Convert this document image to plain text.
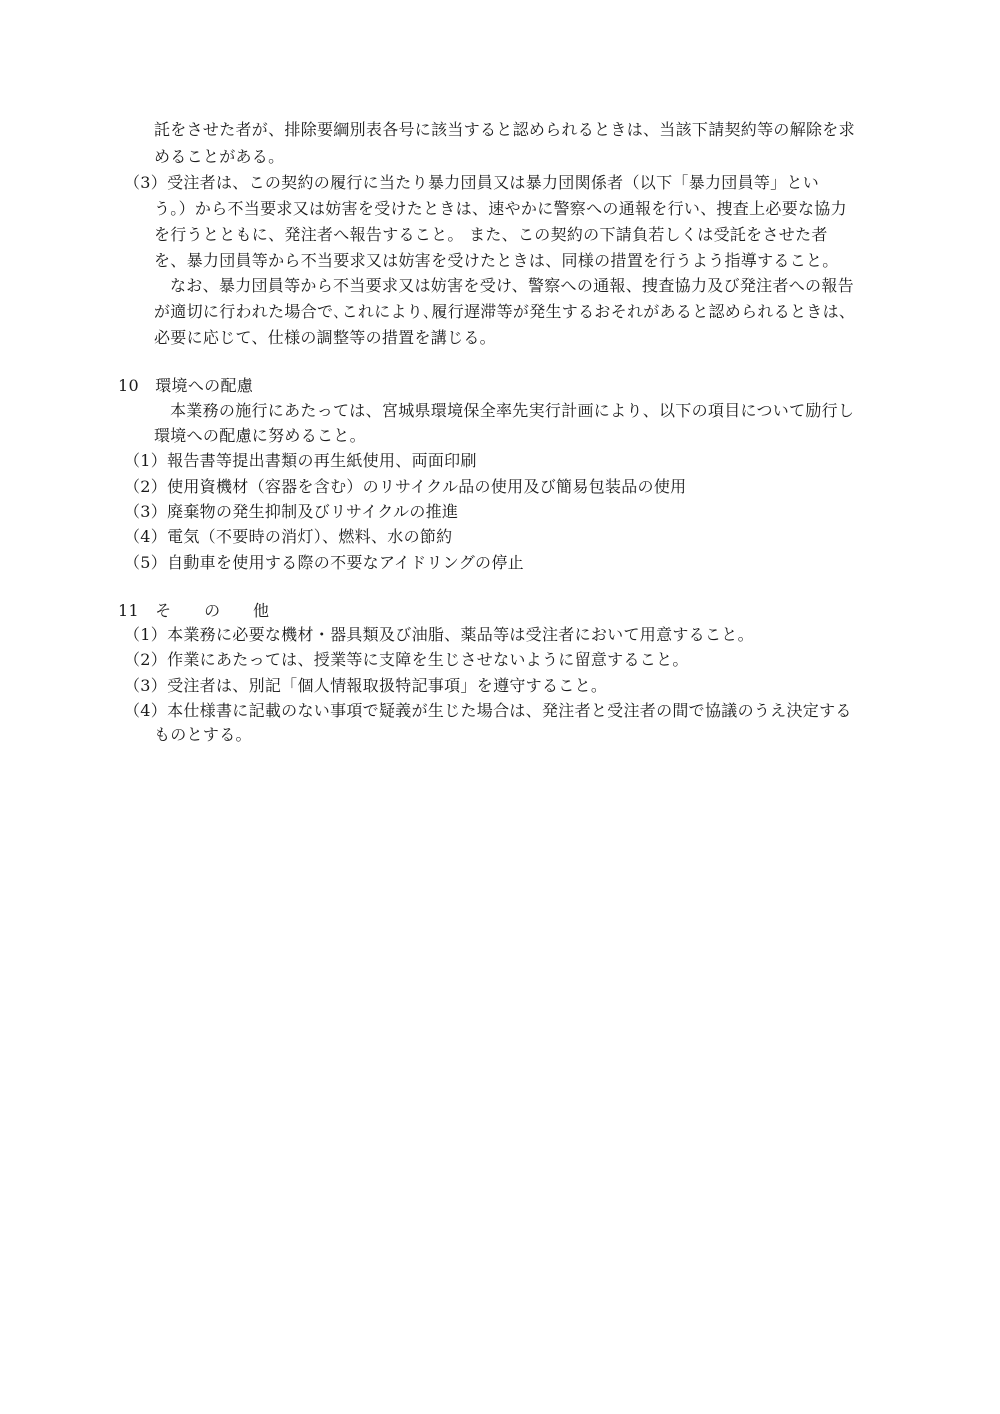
託をさせた者が、排除要綱別表各号に該当すると認められるときは、当該下請契約等の解除を求
めることがある。
（3）受注者は、この契約の履行に当たり暴力団員又は暴力団関係者（以下「暴力団員等」とい
う。）から不当要求又は妨害を受けたときは、速やかに警察への通報を行い、捜査上必要な協力
を行うとともに、発注者へ報告すること。 また、この契約の下請負若しくは受託をさせた者
を、暴力団員等から不当要求又は妨害を受けたときは、同様の措置を行うよう指導すること。
なお、暴力団員等から不当要求又は妨害を受け、警察への通報、捜査協力及び発注者への報告
が適切に行われた場合で､これにより､履行遅滞等が発生するおそれがあると認められるときは、
必要に応じて、仕様の調整等の措置を講じる。
10　環境への配慮
本業務の施行にあたっては、宮城県環境保全率先実行計画により、以下の項目について励行し
環境への配慮に努めること。
（1）報告書等提出書類の再生紙使用、両面印刷
（2）使用資機材（容器を含む）のリサイクル品の使用及び簡易包装品の使用
（3）廃棄物の発生抑制及びリサイクルの推進
（4）電気（不要時の消灯）、燃料、水の節約
（5）自動車を使用する際の不要なアイドリングの停止
11　そ　　の　　他
（1）本業務に必要な機材・器具類及び油脂、薬品等は受注者において用意すること。
（2）作業にあたっては、授業等に支障を生じさせないように留意すること。
（3）受注者は、別記「個人情報取扱特記事項」を遵守すること。
（4）本仕様書に記載のない事項で疑義が生じた場合は、発注者と受注者の間で協議のうえ決定する
ものとする。
